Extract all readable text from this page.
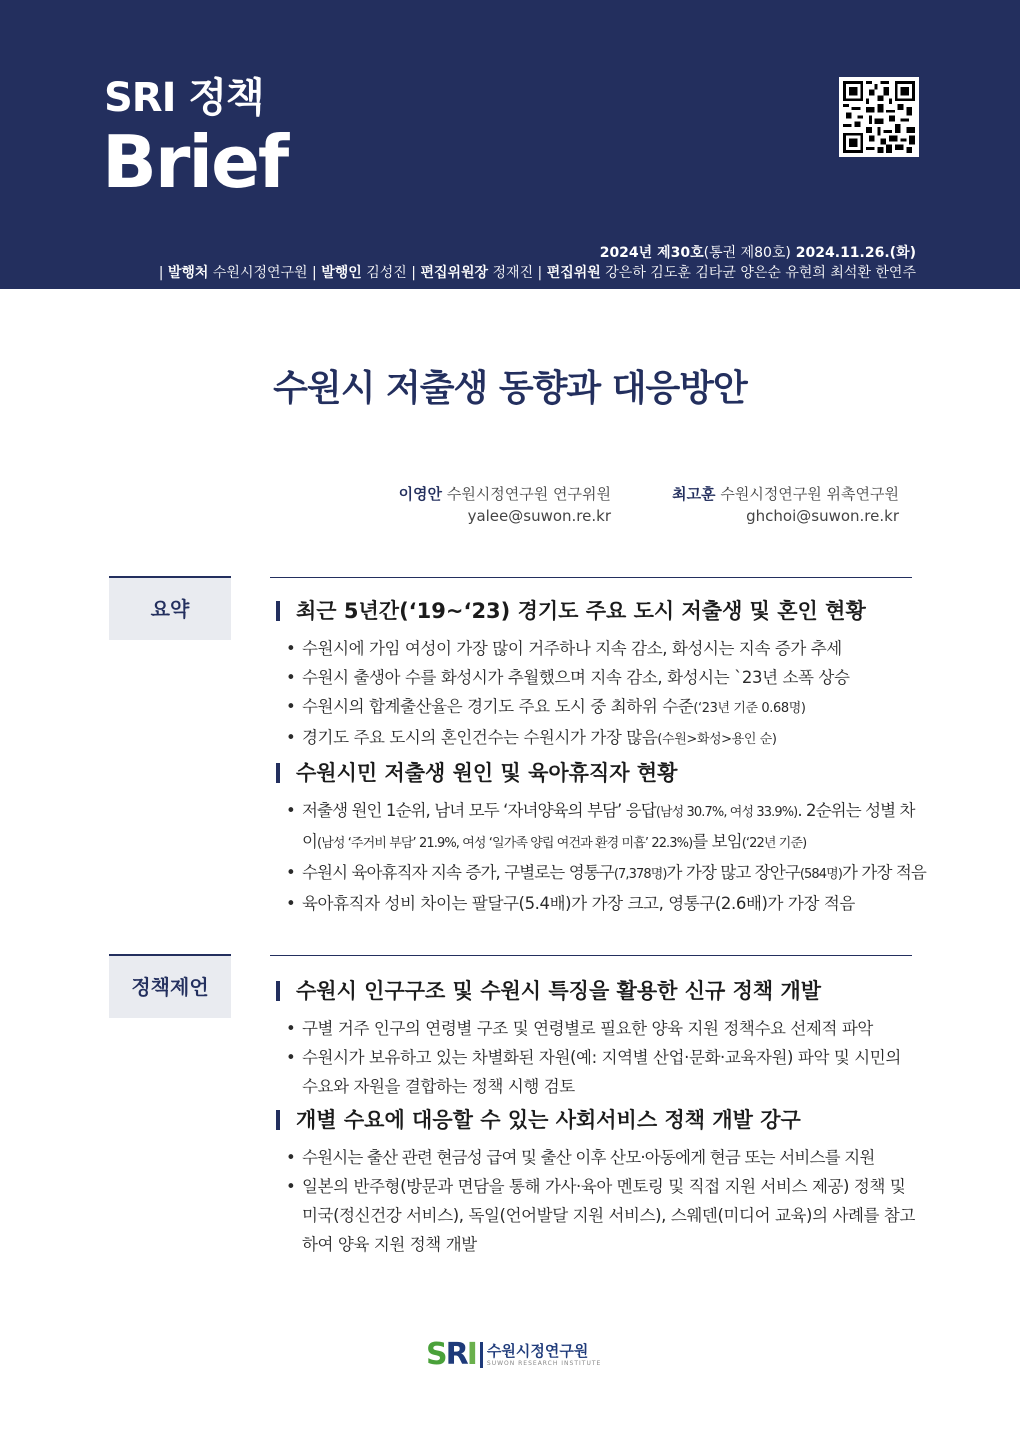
SRI 정책
Brief
2024년 제30호(통권 제80호) 2024.11.26.(화)
| 발행처 수원시정연구원 | 발행인 김성진 | 편집위원장 정재진 | 편집위원 강은하 김도훈 김타균 양은순 유현희 최석환 한연주
수원시 저출생 동향과 대응방안
이영안 수원시정연구원 연구위원
yalee@suwon.re.kr
최고훈 수원시정연구원 위촉연구원
ghchoi@suwon.re.kr
요약	최근 5년간(‘19~‘23) 경기도 주요 도시 저출생 및 혼인 현황
• 수원시에 가임 여성이 가장 많이 거주하나 지속 감소, 화성시는 지속 증가 추세
• 수원시 출생아 수를 화성시가 추월했으며 지속 감소, 화성시는 `23년 소폭 상승
• 수원시의 합계출산율은 경기도 주요 도시 중 최하위 수준(‘23년 기준 0.68명)
• 경기도 주요 도시의 혼인건수는 수원시가 가장 많음(수원>화성>용인 순)
수원시민 저출생 원인 및 육아휴직자 현황
• 저출생 원인 1순위, 남녀 모두 ‘자녀양육의 부담’ 응답(남성 30.7%, 여성 33.9%). 2순위는 성별 차이(남성 ‘주거비 부담’ 21.9%, 여성 ‘일가족 양립 여건과 환경 미흡’ 22.3%)를 보임(‘22년 기준)
• 수원시 육아휴직자 지속 증가, 구별로는 영통구(7,378명)가 가장 많고 장안구(584명)가 가장 적음
• 육아휴직자 성비 차이는 팔달구(5.4배)가 가장 크고, 영통구(2.6배)가 가장 적음
정책제언	수원시 인구구조 및 수원시 특징을 활용한 신규 정책 개발
• 구별 거주 인구의 연령별 구조 및 연령별로 필요한 양육 지원 정책수요 선제적 파악
• 수원시가 보유하고 있는 차별화된 자원(예: 지역별 산업·문화·교육자원) 파악 및 시민의 수요와 자원을 결합하는 정책 시행 검토
개별 수요에 대응할 수 있는 사회서비스 정책 개발 강구
• 수원시는 출산 관련 현금성 급여 및 출산 이후 산모·아동에게 현금 또는 서비스를 지원
• 일본의 반주형(방문과 면담을 통해 가사·육아 멘토링 및 직접 지원 서비스 제공) 정책 및 미국(정신건강 서비스), 독일(언어발달 지원 서비스), 스웨덴(미디어 교육)의 사례를 참고하여 양육 지원 정책 개발
SRI 수원시정연구원
SUWON RESEARCH INSTITUTE
